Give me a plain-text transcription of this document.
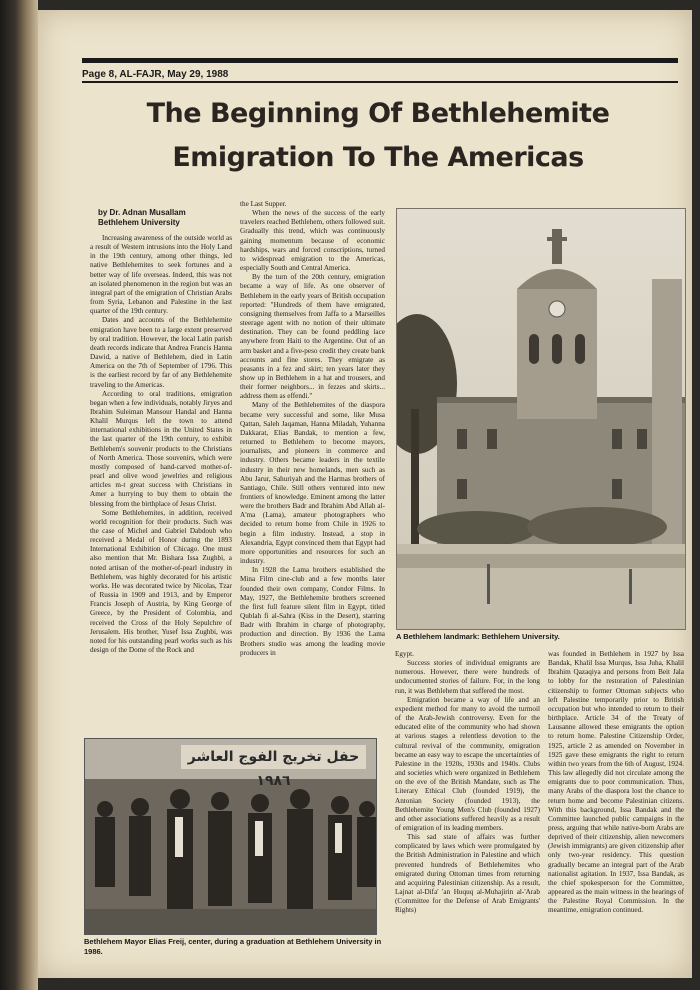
Page 8, AL-FAJR, May 29, 1988
The Beginning Of Bethlehemite
Emigration To The Americas
by Dr. Adnan Musallam
Bethlehem University

Increasing awareness of the outside world as a result of Western intrusions into the Holy Land in the 19th century, among other things, led native Bethlehemites to seek fortunes and a better way of life overseas. Indeed, this was not an isolated phenomenon in the region but was an integral part of the emigration of Christian Arabs from Syria, Lebanon and Palestine in the last quarter of the 19th century.

Dates and accounts of the Bethlehemite emigration have been to a large extent preserved by oral tradition. However, the local Latin parish death records indicate that Andrea Francis Hanna Dawid, a native of Bethlehem, died in Latin America on the 7th of September of 1796. This is the earliest record by far of any Bethlehemite traveling to the Americas.

According to oral traditions, emigration began when a few individuals, notably Jiryes and Ibrahim Suleiman Mansour Handal and Hanna Khalil Murqus left the town to attend international exhibitions in the United States in the last quarter of the 19th century, to exhibit Bethlehem's souvenir products to the Christians of North America. Those souvenirs, which were mostly composed of hand-carved mother-of-pearl and olive wood jewelries and religious articles m-t great success with Christians in Amer a hurrying to buy them to obtain the blessing from the birthplace of Jesus Christ.

Some Bethlehemites, in addition, received world recognition for their products. Such was the case of Michel and Gabriel Dabdoub who received a Medal of Honor during the 1893 International Exhibition of Chicago. One must also mention that Mr. Bishara Issa Zughbi, a noted artisan of the mother-of-pearl industry in Bethlehem, was highly decorated for his artistic works. He was decorated twice by Nicolas, Tzar of Russia in 1909 and 1913, and by Emperor Francis Joseph of Austria, by King George of Greece, by the President of Colombia, and received the Cross of the Holy Sepulchre of Jerusalem. His brother, Yusef Issa Zughbi, was noted for his outstanding pearl works such as his design of the Dome of the Rock and

the Last Supper.

When the news of the success of the early travelers reached Bethlehem, others followed suit. Gradually this trend, which was continuously gaining momentum because of economic hardships, wars and forced conscriptions, turned to widespread emigration to the Americas, especially South and Central America.

By the turn of the 20th century, emigration became a way of life. As one observer of Bethlehem in the early years of British occupation reported: "Hundreds of them have emigrated, consigning themselves from Jaffa to a Marseilles steerage agent with no notion of their ultimate destination. They can be found peddling lace anywhere from Haiti to the Argentine. Out of an arm basket and a five-peso credit they create bank accounts and fine stores. They emigrate as peasants in a fez and skirt; ten years later they show up in Bethlehem in a hat and trousers, and their former neighbors... in fezzes and skirts... address them as effendi."

Many of the Bethlehemites of the diaspora became very successful and some, like Musa Qattan, Saleh Jaqaman, Hanna Miladah, Yuhanna Dakkarat, Elias Bandak, to mention a few, returned to Bethlehem to become mayors, journalists, and pioneers in commerce and industry. Others became leaders in the textile industry in their new homelands, men such as Abu Jarur, Sahuriyah and the Harmas brothers of Santiago, Chile. Still others ventured into new frontiers of knowledge. Eminent among the latter were the brothers Badr and Ibrahim Abd Allah al-A'ma (Lama), amateur photographers who decided to return home from Chile in 1926 to begin a film industry. Instead, a stop in Alexandria, Egypt convinced them that Egypt had more opportunities and resources for such an industry.

In 1928 the Lama brothers established the Mina Film cine-club and a few months later founded their own company, Condor Films. In May, 1927, the Bethlehemite brothers screened the first full feature silent film in Egypt, titled Qublah fi al-Sahra (Kiss in the Desert), starring Badr with Ibrahim in charge of photography, production and direction. By 1936 the Lama Brothers studio was among the leading movie producers in

A Bethlehem landmark: Bethlehem University.

Egypt.

Success stories of individual emigrants are numerous. However, there were hundreds of undocumented stories of failure. For, in the long run, it was Bethlehem that suffered the most.

Emigration became a way of life and an expedient method for many to avoid the turmoil of the Arab-Jewish controversy. Even for the educated elite of the community who had shown at various stages a relentless devotion to the cultural revival of the community, emigration became an easy way to escape the uncertainties of Palestine in the 1920s, 1930s and 1940s. Clubs and societies which were organized in Bethlehem on the eve of the British Mandate, such as The Literary Ethical Club (founded 1919), the Antonian Society (founded 1913), the Bethlehemite Young Men's Club (founded 1927) and other associations suffered heavily as a result of emigration of its leading members.

This sad state of affairs was further complicated by laws which were promulgated by the British Administration in Palestine and which prevented hundreds of Bethlehemites who emigrated during Ottoman times from returning and acquiring Palestinian citizenship. As a result, Lajnat al-Difa' 'an Huquq al-Muhajirin al-'Arab (Committee for the Defense of Arab Emigrants' Rights)

was founded in Bethlehem in 1927 by Issa Bandak, Khalil Issa Murqus, Issa Juha, Khalil Ibrahim Qazaqiya and persons from Beit Jala to lobby for the restoration of Palestinian citizenship to former Ottoman subjects who left Palestine temporarily prior to British occupation but who intended to return to their birthplace. Article 34 of the Treaty of Lausanne allowed these emigrants the option to return home. Palestine Citizenship Order, 1925, article 2 as amended on November in 1925 gave these emigrants the right to return within two years from the 6th of August, 1924. This law allegedly did not circulate among the emigrants due to poor communication. Thus, many Arabs of the diaspora lost the chance to return home and become Palestinian citizens. With this background, Issa Bandak and the Committee launched public campaigns in the press, arguing that while native-born Arabs are deprived of their citizenship, alien newcomers (Jewish immigrants) are given citizenship after only two-year residency. This question gradually became an integral part of the Arab nationalist agitation. In 1937, Issa Bandak, as the chief spokesperson for the Committee, appeared as the main witness in the hearings of the Palestine Royal Commission. In the meantime, emigration continued.

حفل تخريج الفوج العاشر ١٩٨٦
Bethlehem Mayor Elias Freij, center, during a graduation at Bethlehem University in 1986.
